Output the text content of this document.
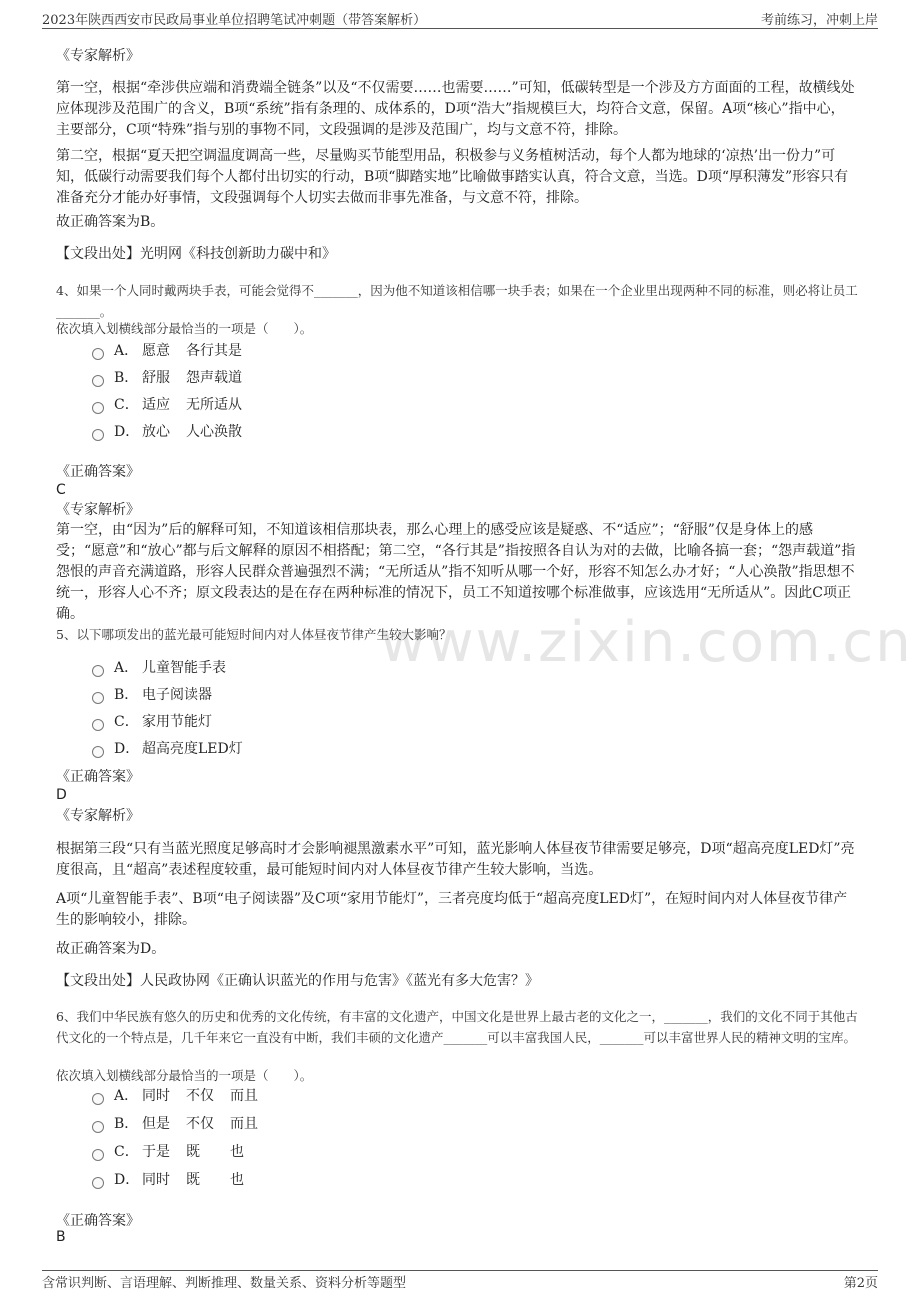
2023年陕西西安市民政局事业单位招聘笔试冲刺题（带答案解析）	考前练习，冲刺上岸
www.zixin.com.cn
《专家解析》
第一空，根据“牵涉供应端和消费端全链条”以及“不仅需要……也需要……”可知，低碳转型是一个涉及方方面面的工程，故横线处应体现涉及范围广的含义，B项“系统”指有条理的、成体系的，D项“浩大”指规模巨大，均符合文意，保留。A项“核心”指中心，主要部分，C项“特殊”指与别的事物不同，文段强调的是涉及范围广，均与文意不符，排除。
第二空，根据“夏天把空调温度调高一些，尽量购买节能型用品，积极参与义务植树活动，每个人都为地球的‘凉热’出一份力”可知，低碳行动需要我们每个人都付出切实的行动，B项“脚踏实地”比喻做事踏实认真，符合文意，当选。D项“厚积薄发”形容只有准备充分才能办好事情，文段强调每个人切实去做而非事先准备，与文意不符，排除。
故正确答案为B。
【文段出处】光明网《科技创新助力碳中和》
4、如果一个人同时戴两块手表，可能会觉得不_______，因为他不知道该相信哪一块手表；如果在一个企业里出现两种不同的标准，则必将让员工_______。
依次填入划横线部分最恰当的一项是（　　）。
A． 愿意	各行其是
B． 舒服	怨声载道
C． 适应	无所适从
D． 放心	人心涣散
《正确答案》
C
《专家解析》
第一空，由“因为”后的解释可知，不知道该相信那块表，那么心理上的感受应该是疑惑、不“适应”；“舒服”仅是身体上的感受；“愿意”和“放心”都与后文解释的原因不相搭配；第二空，“各行其是”指按照各自认为对的去做，比喻各搞一套；“怨声载道”指怨恨的声音充满道路，形容人民群众普遍强烈不满；“无所适从”指不知听从哪一个好，形容不知怎么办才好；“人心涣散”指思想不统一，形容人心不齐；原文段表达的是在存在两种标准的情况下，员工不知道按哪个标准做事，应该选用“无所适从”。因此C项正确。
5、以下哪项发出的蓝光最可能短时间内对人体昼夜节律产生较大影响？
A． 儿童智能手表
B． 电子阅读器
C． 家用节能灯
D． 超高亮度LED灯
《正确答案》
D
《专家解析》
根据第三段“只有当蓝光照度足够高时才会影响褪黑激素水平”可知，蓝光影响人体昼夜节律需要足够亮，D项“超高亮度LED灯”亮度很高，且“超高”表述程度较重，最可能短时间内对人体昼夜节律产生较大影响，当选。
A项“儿童智能手表”、B项“电子阅读器”及C项“家用节能灯”，三者亮度均低于“超高亮度LED灯”，在短时间内对人体昼夜节律产生的影响较小，排除。
故正确答案为D。
【文段出处】人民政协网《正确认识蓝光的作用与危害》《蓝光有多大危害？》
6、我们中华民族有悠久的历史和优秀的文化传统，有丰富的文化遗产，中国文化是世界上最古老的文化之一，_______，我们的文化不同于其他古代文化的一个特点是，几千年来它一直没有中断，我们丰硕的文化遗产_______可以丰富我国人民，_______可以丰富世界人民的精神文明的宝库。
依次填入划横线部分最恰当的一项是（　　）。
A． 同时	不仅	而且
B． 但是	不仅	而且
C． 于是	既	也
D． 同时	既	也
《正确答案》
B
含常识判断、言语理解、判断推理、数量关系、资料分析等题型	第2页
